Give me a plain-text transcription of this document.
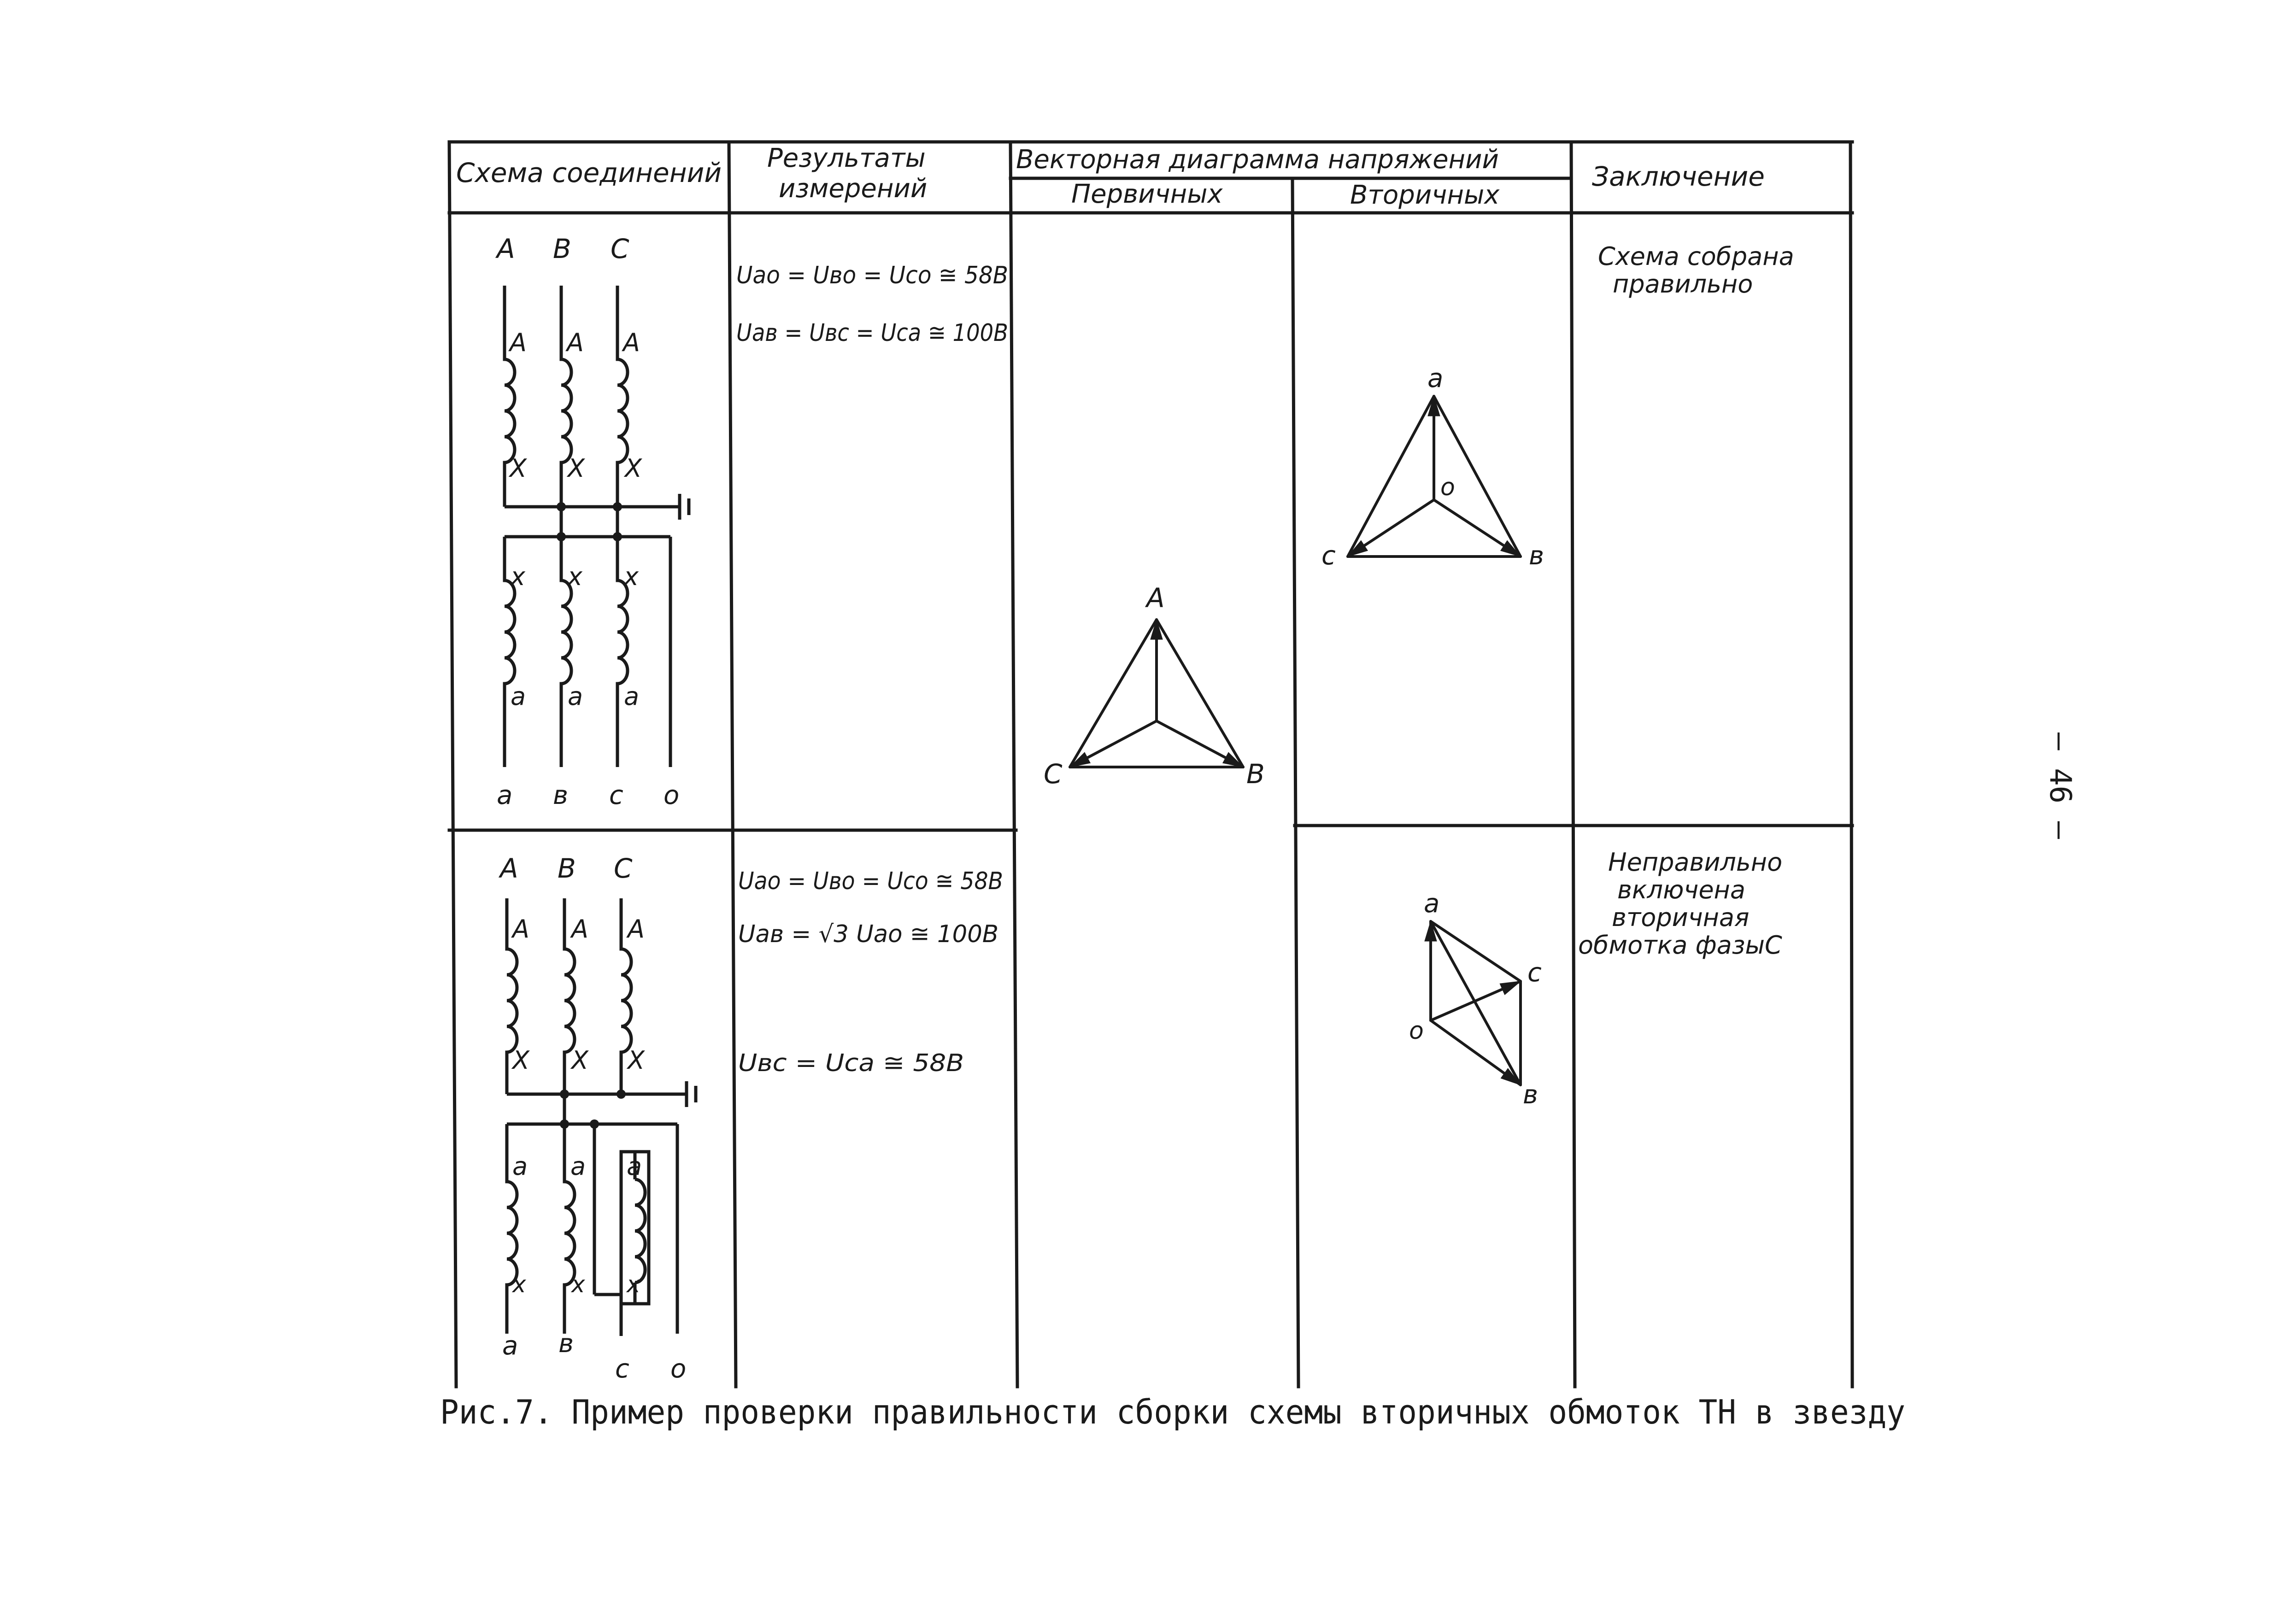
Схема соединений Результаты
измерений
Векторная диаграмма напряжений
Первичных	Вторичных
Заключение
A B C
A A A
X X X
x x x
a a a
a в c o
Uao = Uво = Uco ≅ 58В
Uaв = Uвс = Uca ≅ 100В
A
B
C
a
o
в
c
Схема собрана
правильно
A B C
A A A
X X X
a a a
x x x
a в
c o
Uao = Uвo = Uco ≅ 58В
Uaв = √3 Uao ≅ 100В
Uвс = Uca ≅ 58В
a
c
o
в
Неправильно
включена
вторичная
обмотка фазыC
Рис.7. Пример проверки правильности сборки схемы вторичных обмоток ТН в звезду
– 46 –
